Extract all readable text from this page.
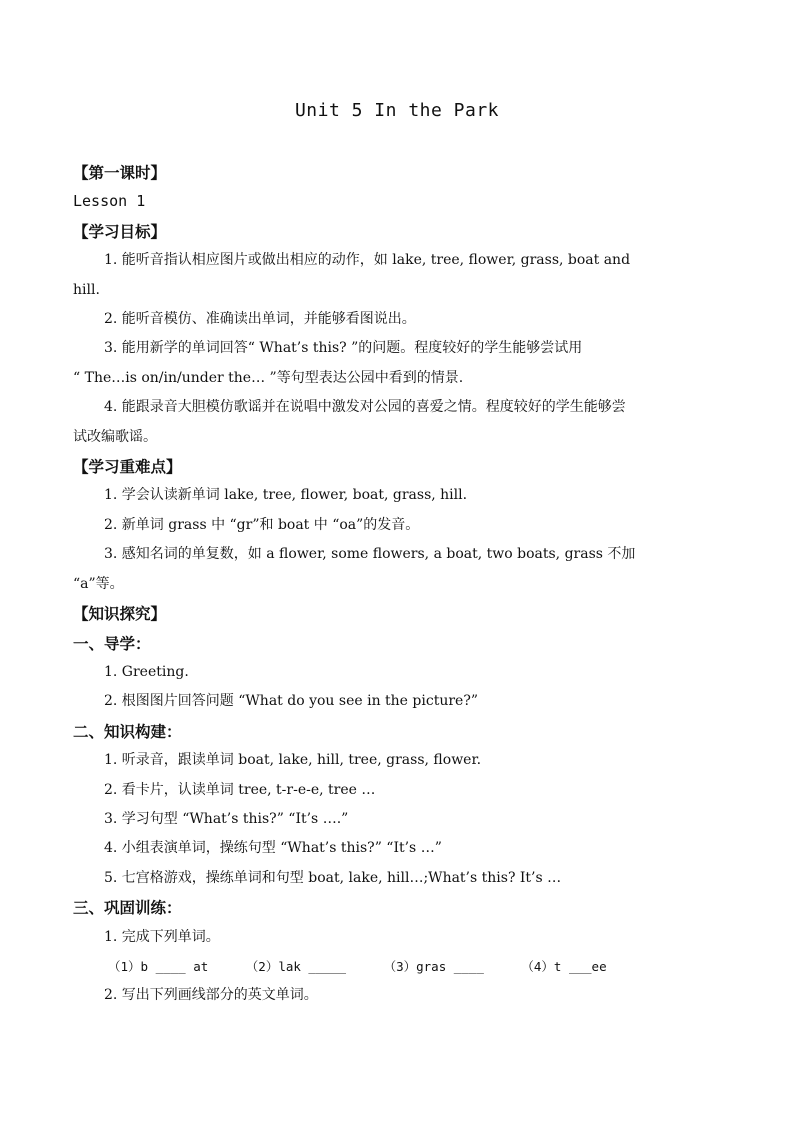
Unit 5 In the Park

【第一课时】

Lesson 1

【学习目标】

1. 能听音指认相应图片或做出相应的动作，如 lake, tree, flower, grass, boat and

hill.

2. 能听音模仿、准确读出单词，并能够看图说出。

3. 能用新学的单词回答“ What’s this? ”的问题。程度较好的学生能够尝试用

“ The…is on/in/under the… ”等句型表达公园中看到的情景.

4. 能跟录音大胆模仿歌谣并在说唱中激发对公园的喜爱之情。程度较好的学生能够尝

试改编歌谣。

【学习重难点】

1. 学会认读新单词 lake, tree, flower, boat, grass, hill.

2. 新单词 grass 中 “gr”和 boat 中 “oa”的发音。

3. 感知名词的单复数，如 a flower, some flowers, a boat, two boats, grass 不加

“a”等。

【知识探究】

一、导学：

1. Greeting.

2. 根图图片回答问题 “What do you see in the picture?”

二、知识构建：

1. 听录音，跟读单词 boat, lake, hill, tree, grass, flower.

2. 看卡片，认读单词 tree, t-r-e-e, tree …

3. 学习句型 “What’s this?” “It’s ….”

4. 小组表演单词，操练句型 “What’s this?” “It’s …”

5. 七宫格游戏，操练单词和句型 boat, lake, hill…;What’s this? It’s …

三、巩固训练：

1. 完成下列单词。

（1）b ____ at	（2）lak _____	（3）gras ____	（4）t ___ee

2. 写出下列画线部分的英文单词。
